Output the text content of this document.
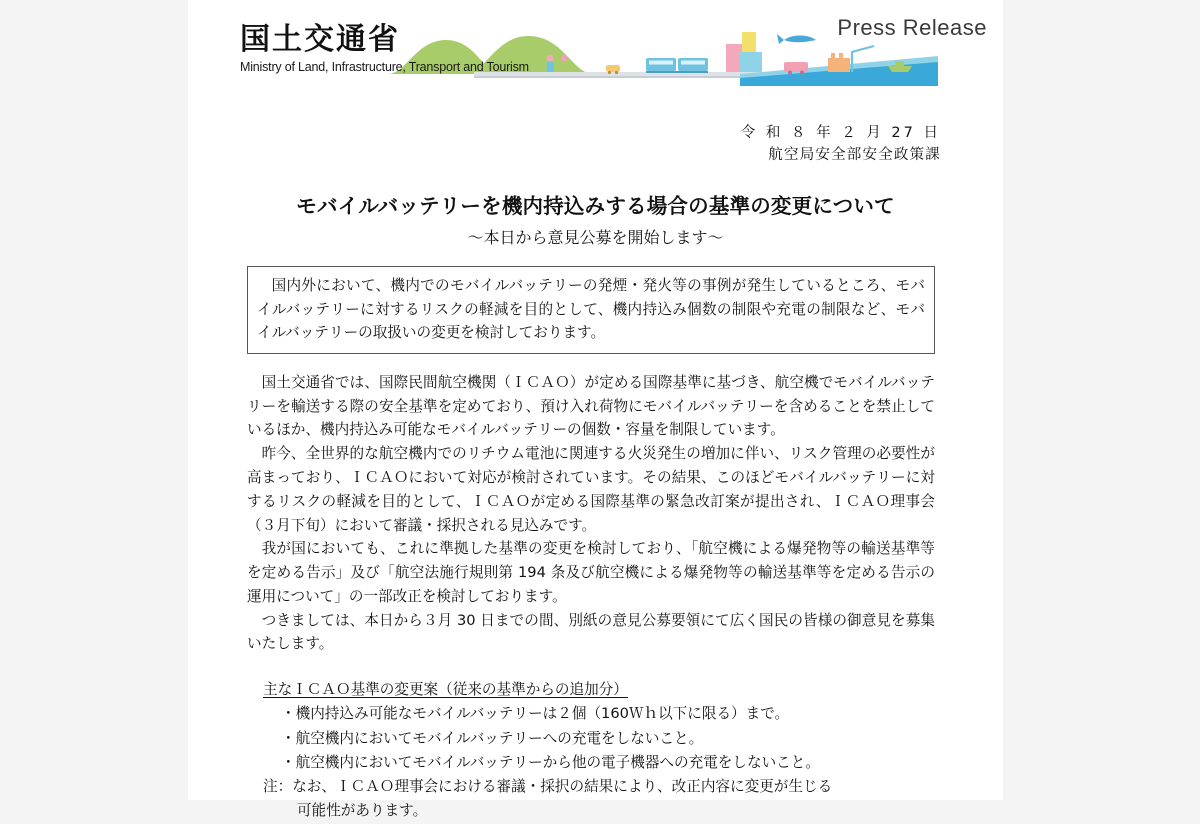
Press Release
国土交通省
Ministry of Land, Infrastructure, Transport and Tourism
令 和 ８ 年 ２ 月 27 日
航空局安全部安全政策課
モバイルバッテリーを機内持込みする場合の基準の変更について
～本日から意見公募を開始します～

国内外において、機内でのモバイルバッテリーの発煙・発火等の事例が発生しているところ、モバイルバッテリーに対するリスクの軽減を目的として、機内持込み個数の制限や充電の制限など、モバイルバッテリーの取扱いの変更を検討しております。

国土交通省では、国際民間航空機関（ＩＣＡＯ）が定める国際基準に基づき、航空機でモバイルバッテリーを輸送する際の安全基準を定めており、預け入れ荷物にモバイルバッテリーを含めることを禁止しているほか、機内持込み可能なモバイルバッテリーの個数・容量を制限しています。

昨今、全世界的な航空機内でのリチウム電池に関連する火災発生の増加に伴い、リスク管理の必要性が高まっており、ＩＣＡＯにおいて対応が検討されています。その結果、このほどモバイルバッテリーに対するリスクの軽減を目的として、ＩＣＡＯが定める国際基準の緊急改訂案が提出され、ＩＣＡＯ理事会（３月下旬）において審議・採択される見込みです。

我が国においても、これに準拠した基準の変更を検討しており、「航空機による爆発物等の輸送基準等を定める告示」及び「航空法施行規則第 194 条及び航空機による爆発物等の輸送基準等を定める告示の運用について」の一部改正を検討しております。

つきましては、本日から３月 30 日までの間、別紙の意見公募要領にて広く国民の皆様の御意見を募集いたします。

主なＩＣＡＯ基準の変更案（従来の基準からの追加分）
・機内持込み可能なモバイルバッテリーは２個（160Ｗｈ以下に限る）まで。
・航空機内においてモバイルバッテリーへの充電をしないこと。
・航空機内においてモバイルバッテリーから他の電子機器への充電をしないこと。
注：なお、ＩＣＡＯ理事会における審議・採択の結果により、改正内容に変更が生じる
可能性があります。
